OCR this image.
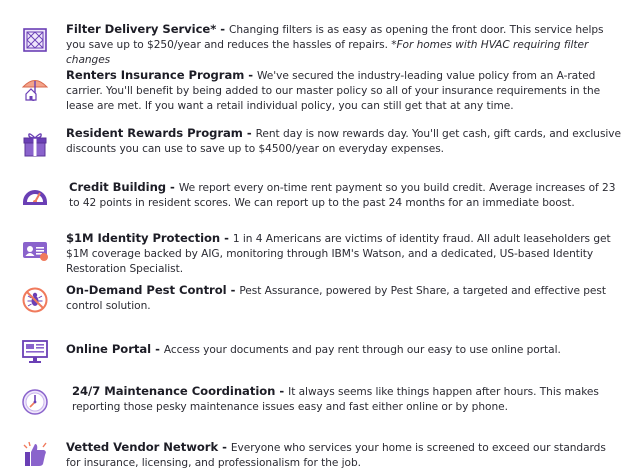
Filter Delivery Service* - Changing filters is as easy as opening the front door. This service helps you save up to $250/year and reduces the hassles of repairs. *For homes with HVAC requiring filter changes
Renters Insurance Program - We've secured the industry-leading value policy from an A-rated carrier. You'll benefit by being added to our master policy so all of your insurance requirements in the lease are met. If you want a retail individual policy, you can still get that at any time.
Resident Rewards Program - Rent day is now rewards day. You'll get cash, gift cards, and exclusive discounts you can use to save up to $4500/year on everyday expenses.
Credit Building - We report every on-time rent payment so you build credit. Average increases of 23 to 42 points in resident scores. We can report up to the past 24 months for an immediate boost.
$1M Identity Protection - 1 in 4 Americans are victims of identity fraud. All adult leaseholders get $1M coverage backed by AIG, monitoring through IBM's Watson, and a dedicated, US-based Identity Restoration Specialist.
On-Demand Pest Control - Pest Assurance, powered by Pest Share, a targeted and effective pest control solution.
Online Portal - Access your documents and pay rent through our easy to use online portal.
24/7 Maintenance Coordination - It always seems like things happen after hours. This makes reporting those pesky maintenance issues easy and fast either online or by phone.
Vetted Vendor Network - Everyone who services your home is screened to exceed our standards for insurance, licensing, and professionalism for the job.
